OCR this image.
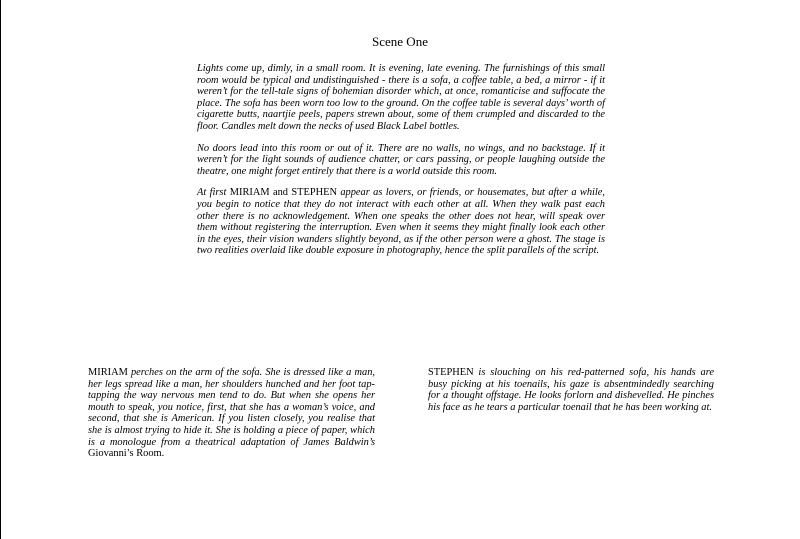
Scene One

Lights come up, dimly, in a small room. It is evening, late evening. The furnishings of this small room would be typical and undistinguished - there is a sofa, a coffee table, a bed, a mirror - if it weren’t for the tell-tale signs of bohemian disorder which, at once, romanticise and suffocate the place. The sofa has been worn too low to the ground. On the coffee table is several days’ worth of cigarette butts, naartjie peels, papers strewn about, some of them crumpled and discarded to the floor. Candles melt down the necks of used Black Label bottles.

No doors lead into this room or out of it. There are no walls, no wings, and no backstage. If it weren’t for the light sounds of audience chatter, or cars passing, or people laughing outside the theatre, one might forget entirely that there is a world outside this room.

At first MIRIAM and STEPHEN appear as lovers, or friends, or housemates, but after a while, you begin to notice that they do not interact with each other at all. When they walk past each other there is no acknowledgement. When one speaks the other does not hear, will speak over them without registering the interruption. Even when it seems they might finally look each other in the eyes, their vision wanders slightly beyond, as if the other person were a ghost. The stage is two realities overlaid like double exposure in photography, hence the split parallels of the script.

MIRIAM perches on the arm of the sofa. She is dressed like a man, her legs spread like a man, her shoulders hunched and her foot tap-tapping the way nervous men tend to do. But when she opens her mouth to speak, you notice, first, that she has a woman’s voice, and second, that she is American. If you listen closely, you realise that she is almost trying to hide it. She is holding a piece of paper, which is a monologue from a theatrical adaptation of James Baldwin’s Giovanni’s Room.
STEPHEN is slouching on his red-patterned sofa, his hands are busy picking at his toenails, his gaze is absentmindedly searching for a thought offstage. He looks forlorn and dishevelled. He pinches his face as he tears a particular toenail that he has been working at.
